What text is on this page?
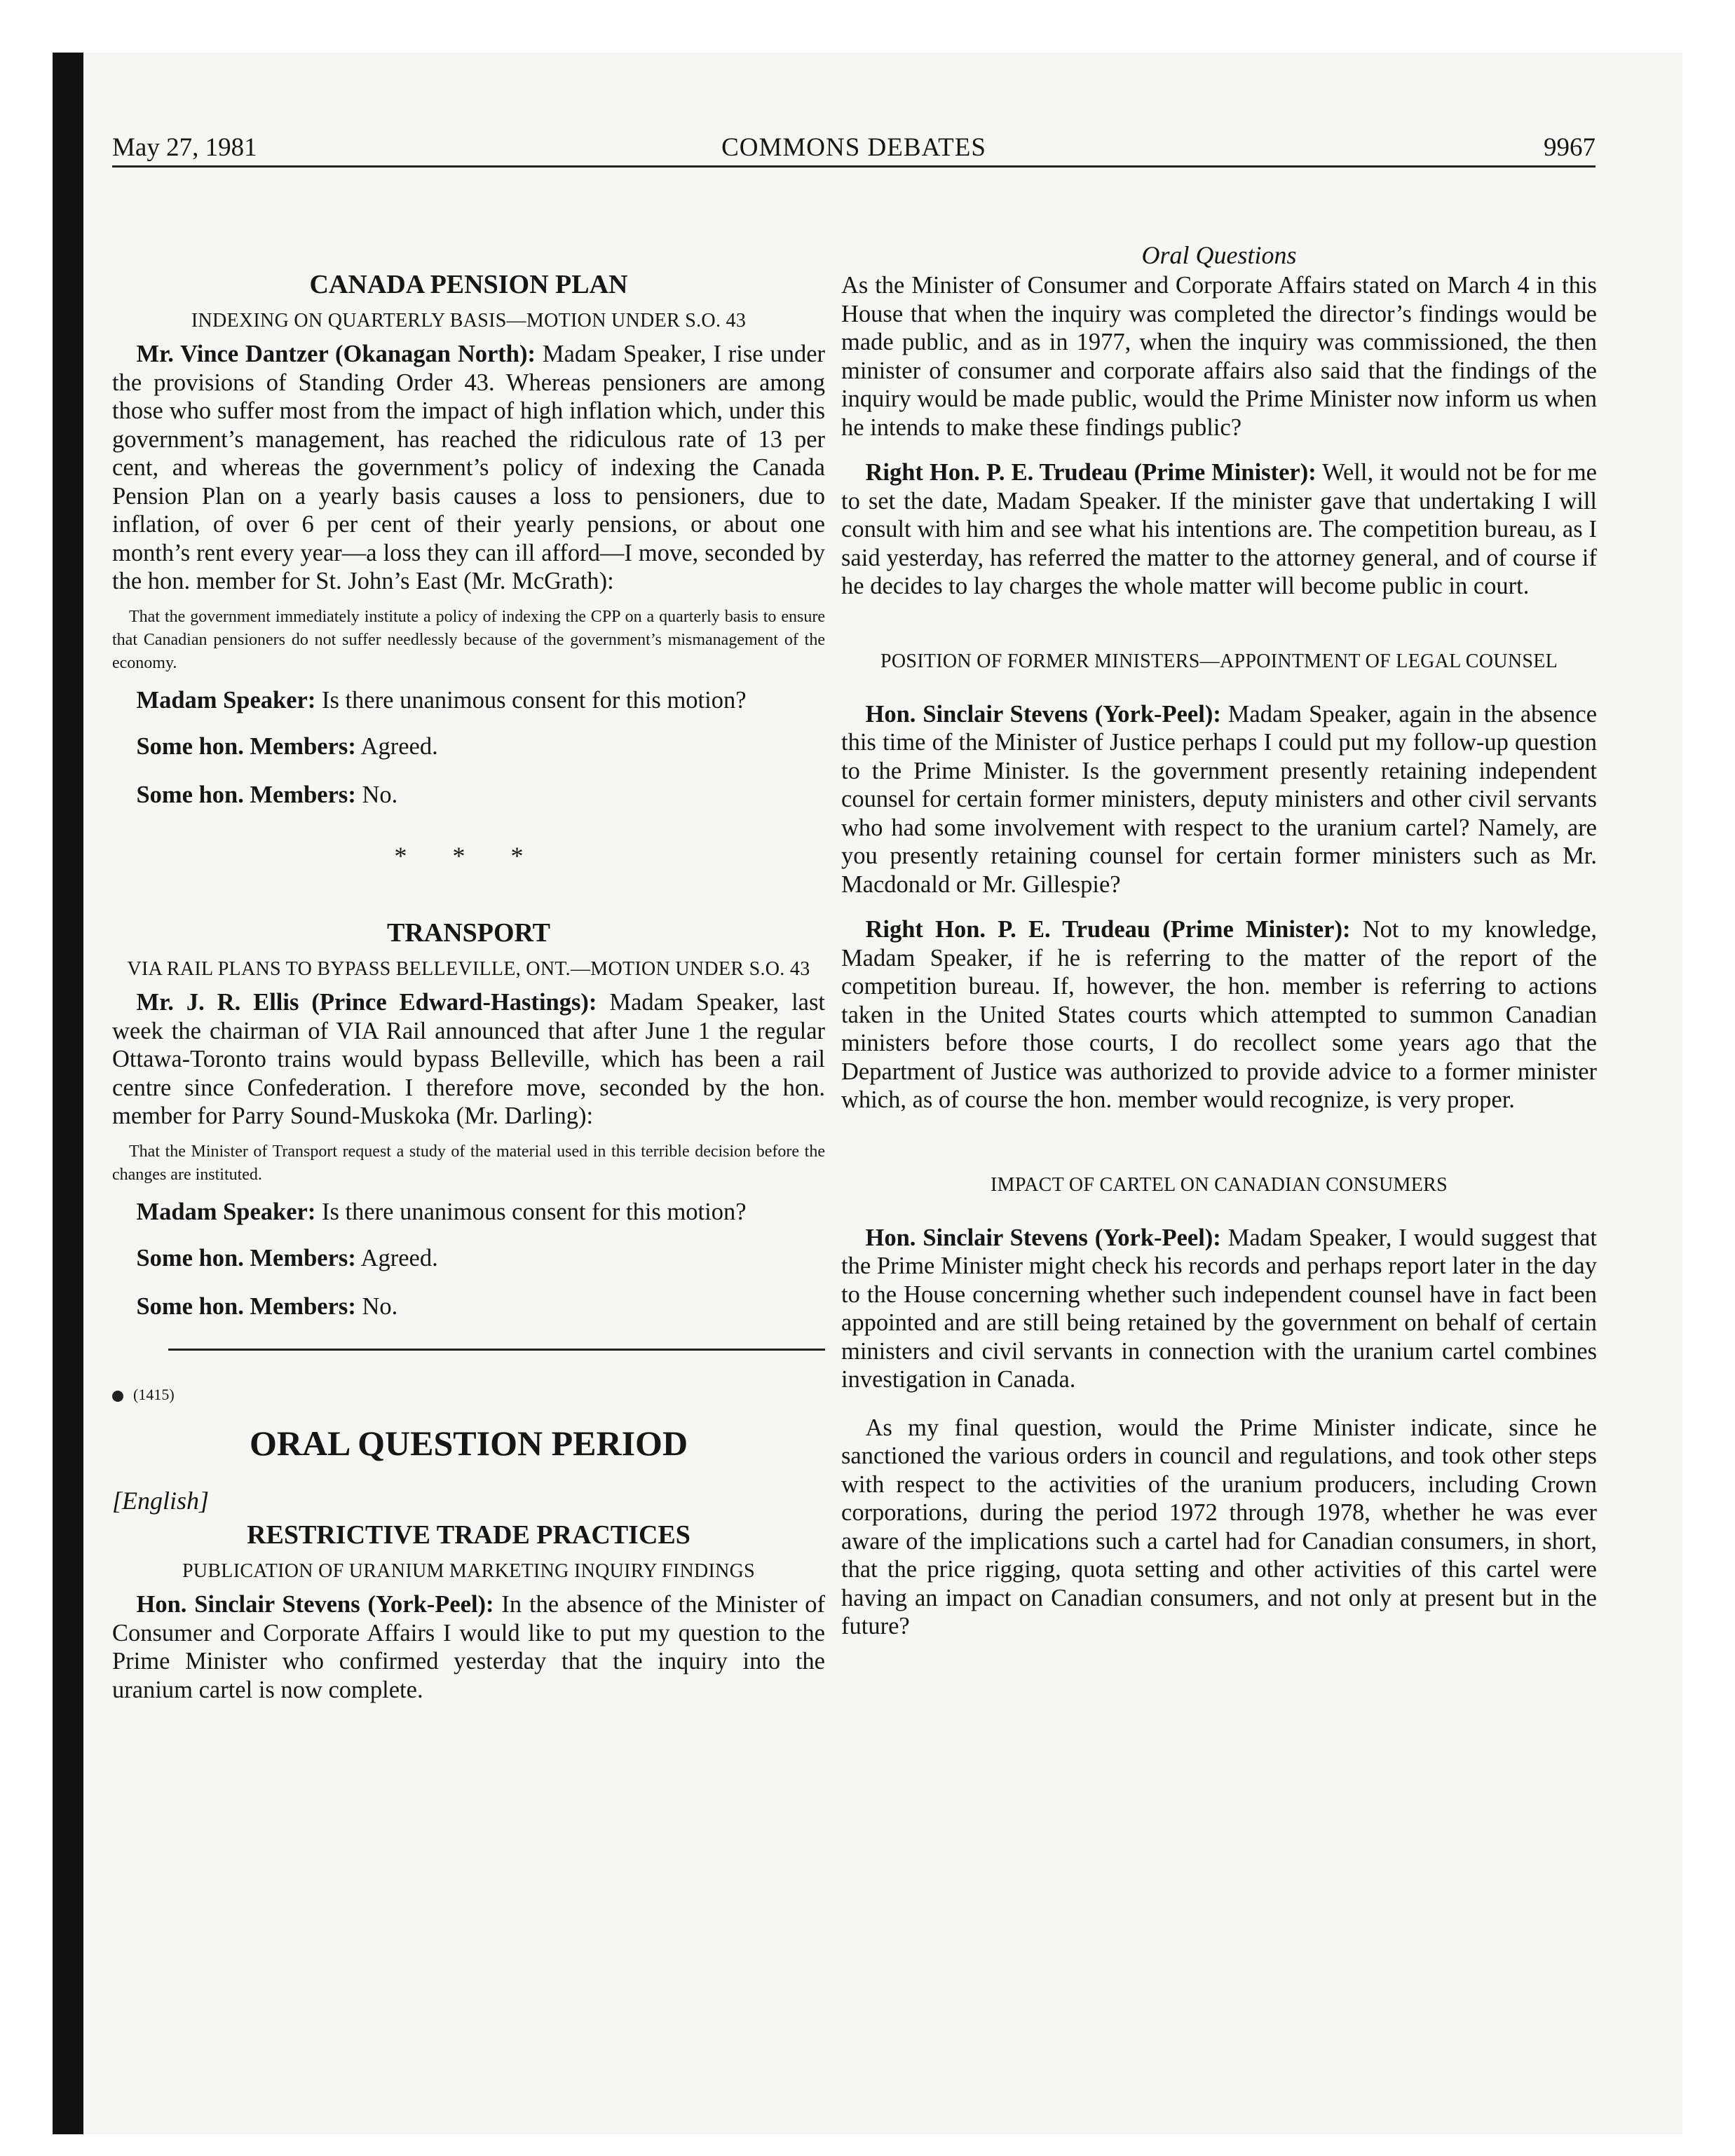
May 27, 1981	COMMONS DEBATES	9967
CANADA PENSION PLAN
INDEXING ON QUARTERLY BASIS—MOTION UNDER S.O. 43

Mr. Vince Dantzer (Okanagan North): Madam Speaker, I rise under the provisions of Standing Order 43. Whereas pensioners are among those who suffer most from the impact of high inflation which, under this government’s management, has reached the ridiculous rate of 13 per cent, and whereas the government’s policy of indexing the Canada Pension Plan on a yearly basis causes a loss to pensioners, due to inflation, of over 6 per cent of their yearly pensions, or about one month’s rent every year—a loss they can ill afford—I move, seconded by the hon. member for St. John’s East (Mr. McGrath):

That the government immediately institute a policy of indexing the CPP on a quarterly basis to ensure that Canadian pensioners do not suffer needlessly because of the government’s mismanagement of the economy.

Madam Speaker: Is there unanimous consent for this motion?

Some hon. Members: Agreed.

Some hon. Members: No.

* * *
TRANSPORT
VIA RAIL PLANS TO BYPASS BELLEVILLE, ONT.—MOTION UNDER S.O. 43

Mr. J. R. Ellis (Prince Edward-Hastings): Madam Speaker, last week the chairman of VIA Rail announced that after June 1 the regular Ottawa-Toronto trains would bypass Belleville, which has been a rail centre since Confederation. I therefore move, seconded by the hon. member for Parry Sound-Muskoka (Mr. Darling):

That the Minister of Transport request a study of the material used in this terrible decision before the changes are instituted.

Madam Speaker: Is there unanimous consent for this motion?

Some hon. Members: Agreed.

Some hon. Members: No.

(1415)
ORAL QUESTION PERIOD
[English]
RESTRICTIVE TRADE PRACTICES
PUBLICATION OF URANIUM MARKETING INQUIRY FINDINGS

Hon. Sinclair Stevens (York-Peel): In the absence of the Minister of Consumer and Corporate Affairs I would like to put my question to the Prime Minister who confirmed yesterday that the inquiry into the uranium cartel is now complete.

Oral Questions

As the Minister of Consumer and Corporate Affairs stated on March 4 in this House that when the inquiry was completed the director’s findings would be made public, and as in 1977, when the inquiry was commissioned, the then minister of consumer and corporate affairs also said that the findings of the inquiry would be made public, would the Prime Minister now inform us when he intends to make these findings public?

Right Hon. P. E. Trudeau (Prime Minister): Well, it would not be for me to set the date, Madam Speaker. If the minister gave that undertaking I will consult with him and see what his intentions are. The competition bureau, as I said yesterday, has referred the matter to the attorney general, and of course if he decides to lay charges the whole matter will become public in court.

POSITION OF FORMER MINISTERS—APPOINTMENT OF LEGAL COUNSEL

Hon. Sinclair Stevens (York-Peel): Madam Speaker, again in the absence this time of the Minister of Justice perhaps I could put my follow-up question to the Prime Minister. Is the government presently retaining independent counsel for certain former ministers, deputy ministers and other civil servants who had some involvement with respect to the uranium cartel? Namely, are you presently retaining counsel for certain former ministers such as Mr. Macdonald or Mr. Gillespie?

Right Hon. P. E. Trudeau (Prime Minister): Not to my knowledge, Madam Speaker, if he is referring to the matter of the report of the competition bureau. If, however, the hon. member is referring to actions taken in the United States courts which attempted to summon Canadian ministers before those courts, I do recollect some years ago that the Department of Justice was authorized to provide advice to a former minister which, as of course the hon. member would recognize, is very proper.

IMPACT OF CARTEL ON CANADIAN CONSUMERS

Hon. Sinclair Stevens (York-Peel): Madam Speaker, I would suggest that the Prime Minister might check his records and perhaps report later in the day to the House concerning whether such independent counsel have in fact been appointed and are still being retained by the government on behalf of certain ministers and civil servants in connection with the uranium cartel combines investigation in Canada.

As my final question, would the Prime Minister indicate, since he sanctioned the various orders in council and regulations, and took other steps with respect to the activities of the uranium producers, including Crown corporations, during the period 1972 through 1978, whether he was ever aware of the implications such a cartel had for Canadian consumers, in short, that the price rigging, quota setting and other activities of this cartel were having an impact on Canadian consumers, and not only at present but in the future?
